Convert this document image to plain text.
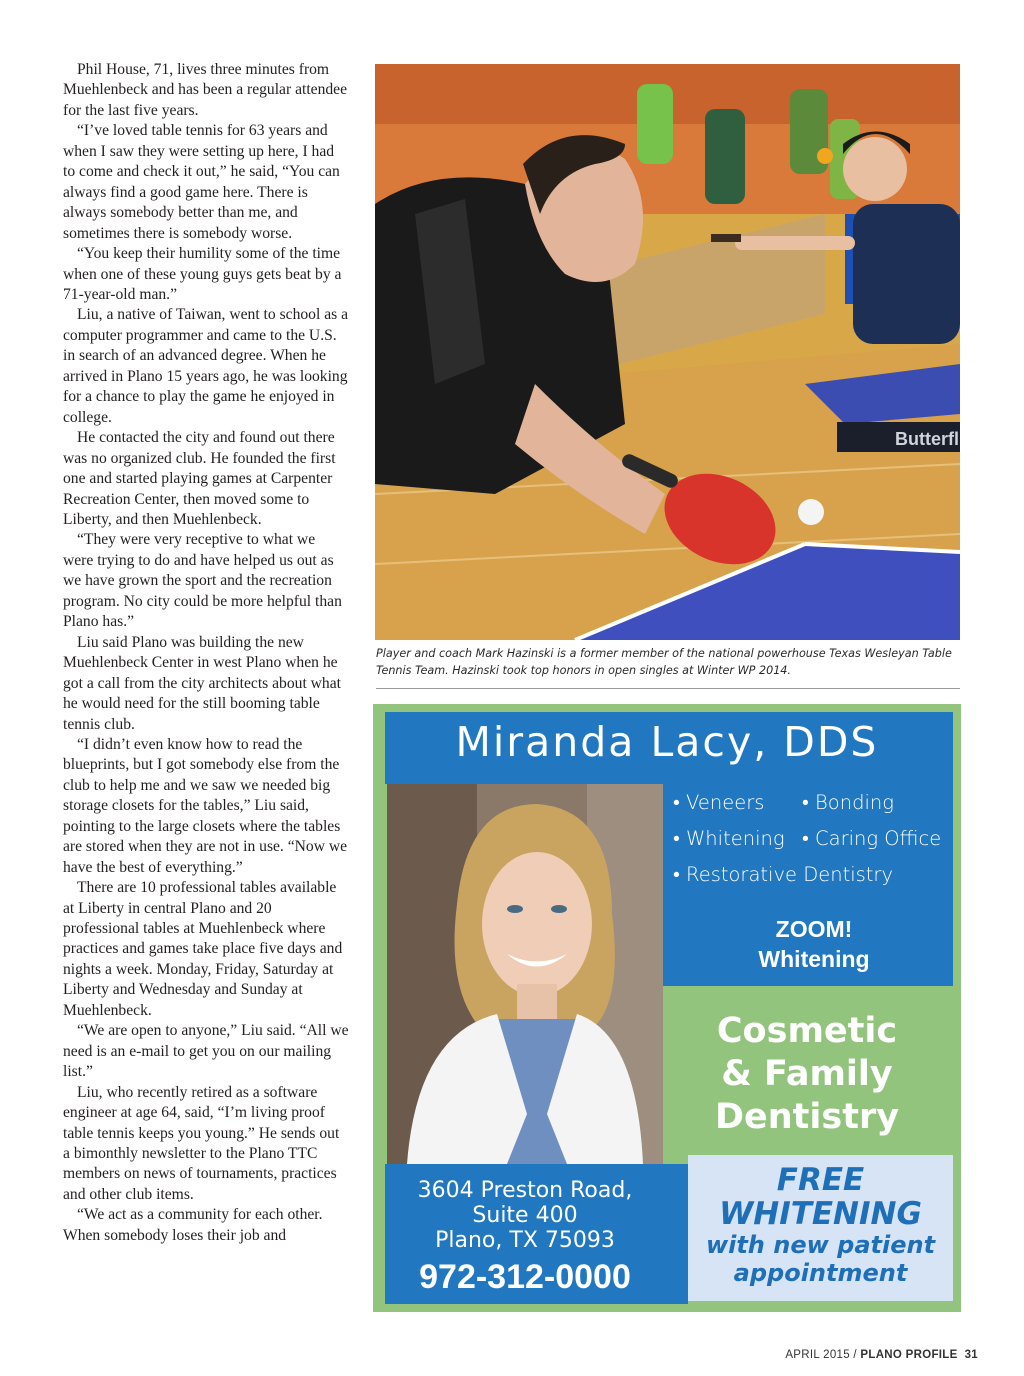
Phil House, 71, lives three minutes from Muehlenbeck and has been a regular attendee for the last five years.

“I’ve loved table tennis for 63 years and when I saw they were setting up here, I had to come and check it out,” he said, “You can always find a good game here. There is always somebody better than me, and sometimes there is somebody worse.

“You keep their humility some of the time when one of these young guys gets beat by a 71-year-old man.”

Liu, a native of Taiwan, went to school as a computer programmer and came to the U.S. in search of an advanced degree. When he arrived in Plano 15 years ago, he was looking for a chance to play the game he enjoyed in college.

He contacted the city and found out there was no organized club. He founded the first one and started playing games at Carpenter Recreation Center, then moved some to Liberty, and then Muehlenbeck.

“They were very receptive to what we were trying to do and have helped us out as we have grown the sport and the recreation program. No city could be more helpful than Plano has.”

Liu said Plano was building the new Muehlenbeck Center in west Plano when he got a call from the city architects about what he would need for the still booming table tennis club.

“I didn’t even know how to read the blueprints, but I got somebody else from the club to help me and we saw we needed big storage closets for the tables,” Liu said, pointing to the large closets where the tables are stored when they are not in use. “Now we have the best of everything.”

There are 10 professional tables available at Liberty in central Plano and 20 professional tables at Muehlenbeck where practices and games take place five days and nights a week. Monday, Friday, Saturday at Liberty and Wednesday and Sunday at Muehlenbeck.

“We are open to anyone,” Liu said. “All we need is an e-mail to get you on our mailing list.”

Liu, who recently retired as a software engineer at age 64, said, “I’m living proof table tennis keeps you young.” He sends out a bimonthly newsletter to the Plano TTC members on news of tournaments, practices and other club items.

“We act as a community for each other. When somebody loses their job and

Butterfl
Player and coach Mark Hazinski is a former member of the national powerhouse Texas Wesleyan Table Tennis Team. Hazinski took top honors in open singles at Winter WP 2014.
Miranda Lacy, DDS
• Veneers • Bonding
• Whitening • Caring Office
• Restorative Dentistry
ZOOM!
Whitening
Cosmetic
& Family
Dentistry
3604 Preston Road,
Suite 400
Plano, TX 75093
972-312-0000
FREE
WHITENING
with new patient
appointment
APRIL 2015 / PLANO PROFILE 31
